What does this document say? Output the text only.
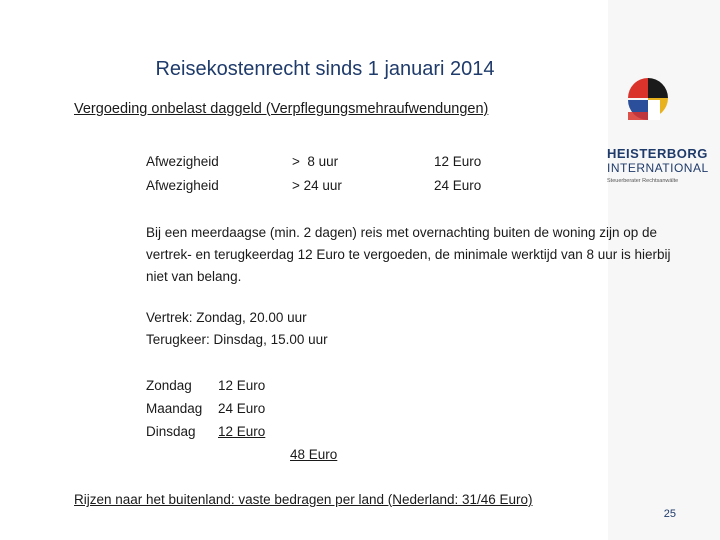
Reisekostenrecht sinds 1 januari 2014
Vergoeding onbelast daggeld (Verpflegungsmehraufwendungen)
Afwezigheid	>  8 uur	12 Euro
Afwezigheid	> 24 uur	24 Euro
Bij een meerdaagse (min. 2 dagen) reis met overnachting buiten de woning zijn op de vertrek- en terugkeerdag 12 Euro te vergoeden, de minimale werktijd van 8 uur is hierbij niet van belang.
Vertrek: Zondag, 20.00 uur
Terugkeer: Dinsdag, 15.00 uur
Zondag 12 Euro
Maandag 24 Euro
Dinsdag 12 Euro
48 Euro
Rijzen naar het buitenland: vaste bedragen per land (Nederland: 31/46 Euro)
25
HEISTERBORG
INTERNATIONAL
Steuerberater Rechtsanwälte
